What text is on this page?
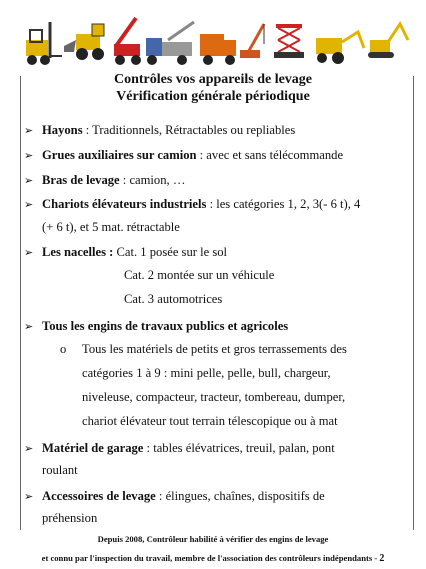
Contrôles vos appareils de levage
Vérification générale périodique
➢ Hayons : Traditionnels, Rétractables ou repliables
➢ Grues auxiliaires sur camion : avec et sans télécommande
➢ Bras de levage : camion, …
➢ Chariots élévateurs industriels : les catégories 1, 2, 3(- 6 t), 4
(+ 6 t), et 5 mat. rétractable
➢ Les nacelles : Cat. 1 posée sur le sol
Cat. 2 montée sur un véhicule
Cat. 3 automotrices
➢ Tous les engins de travaux publics et agricoles
o Tous les matériels de petits et gros terrassements des
catégories 1 à 9 : mini pelle, pelle, bull, chargeur,
niveleuse, compacteur, tracteur, tombereau, dumper,
chariot élévateur tout terrain télescopique ou à mat
➢ Matériel de garage : tables élévatrices, treuil, palan, pont
roulant
➢ Accessoires de levage : élingues, chaînes, dispositifs de
préhension
Depuis 2008, Contrôleur habilité à vérifier des engins de levage
et connu par l'inspection du travail, membre de l'association des contrôleurs indépendants - 2
